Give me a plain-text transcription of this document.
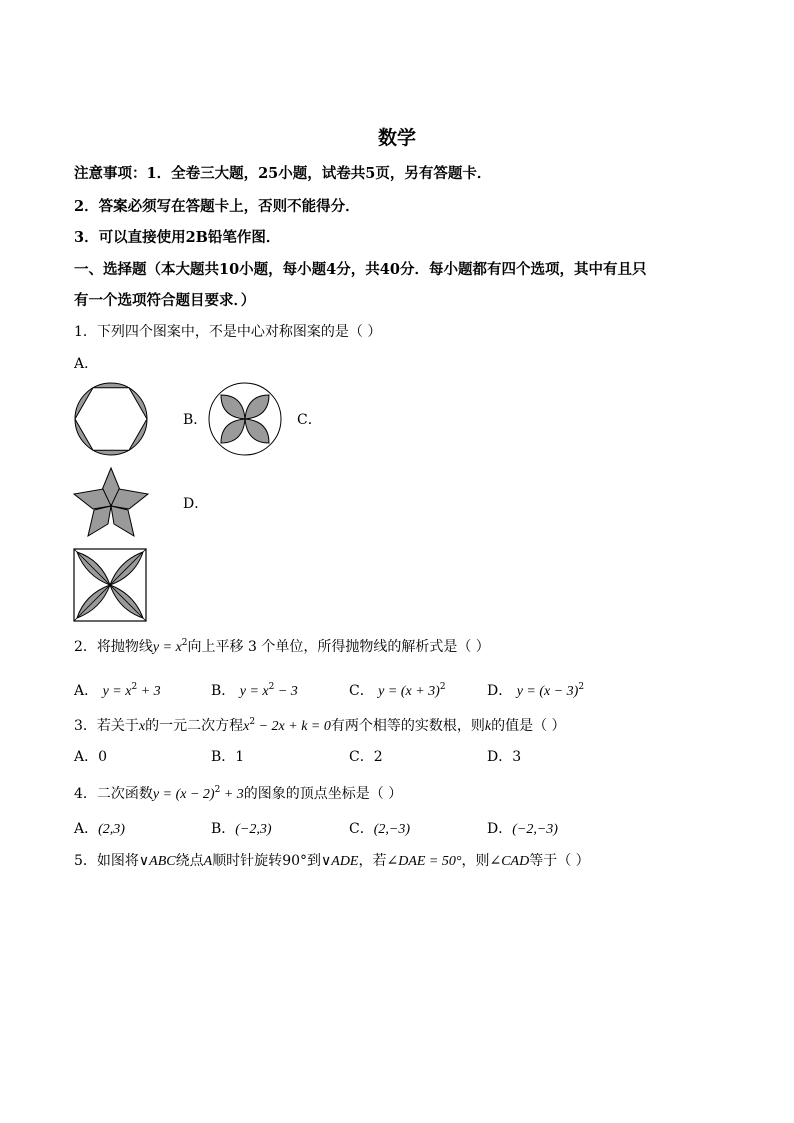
数学
注意事项：1．全卷三大题，25小题，试卷共5页，另有答题卡．
2．答案必须写在答题卡上，否则不能得分．
3．可以直接使用2B铅笔作图．
一、选择题（本大题共10小题，每小题4分，共40分．每小题都有四个选项，其中有且只
有一个选项符合题目要求．）
1．下列四个图案中，不是中心对称图案的是（ ）
A．
B．	C．
D．
2．将抛物线$y = x^2$向上平移 3 个单位，所得抛物线的解析式是（ ）
A． $y = x^2 + 3$	B． $y = x^2 - 3$	C． $y = (x + 3)^2$	D． $y = (x - 3)^2$
3．若关于x的一元二次方程$x^2 - 2x + k = 0$有两个相等的实数根，则k的值是（ ）
A．0	B．1	C．2	D．3
4．二次函数$y = (x - 2)^2 + 3$的图象的顶点坐标是（ ）
A．(2,3)	B．(−2,3)	C．(2,−3)	D．(−2,−3)
5．如图将∨ABC绕点A顺时针旋转90°到∨ADE，若∠DAE = 50°，则∠CAD等于（ ）
